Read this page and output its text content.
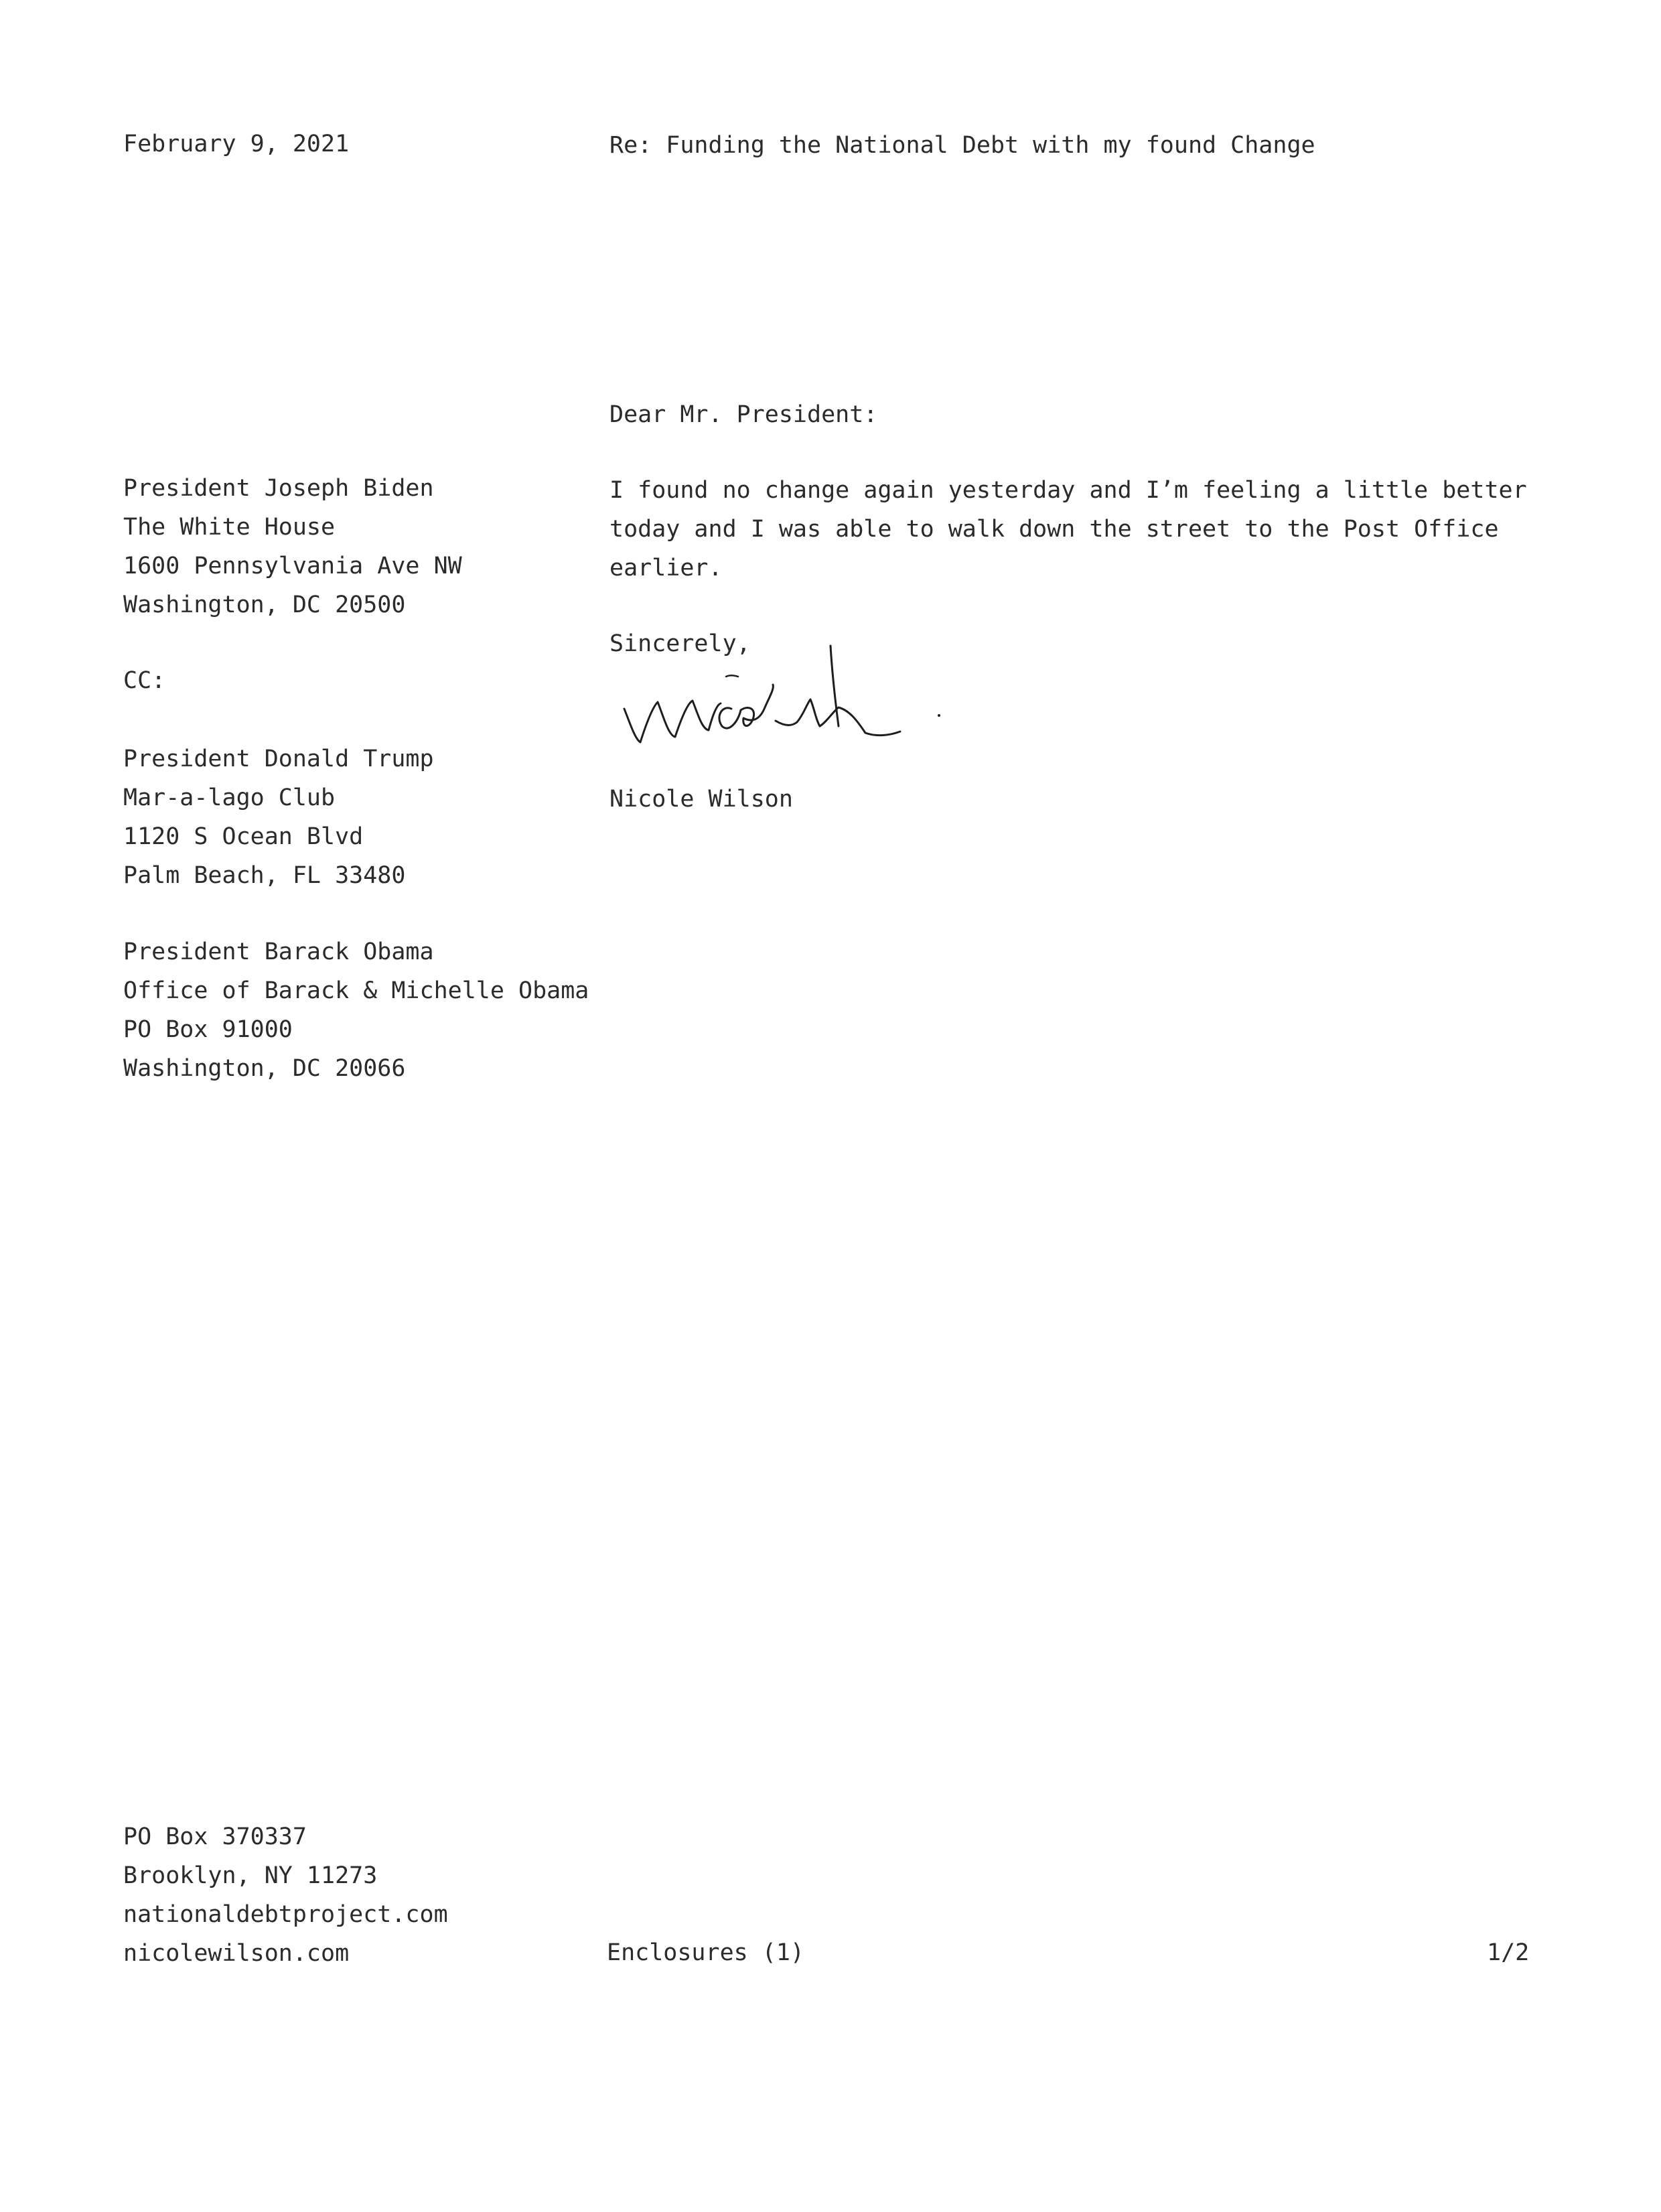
February 9, 2021	Re: Funding the National Debt with my found Change
Dear Mr. President:
I found no change again yesterday and I’m feeling a little better
today and I was able to walk down the street to the Post Office
earlier.
Sincerely,
Nicole Wilson
President Joseph Biden
The White House
1600 Pennsylvania Ave NW
Washington, DC 20500
CC:
President Donald Trump
Mar-a-lago Club
1120 S Ocean Blvd
Palm Beach, FL 33480
President Barack Obama
Office of Barack & Michelle Obama
PO Box 91000
Washington, DC 20066
PO Box 370337
Brooklyn, NY 11273
nationaldebtproject.com
nicolewilson.com	Enclosures (1)	1/2
